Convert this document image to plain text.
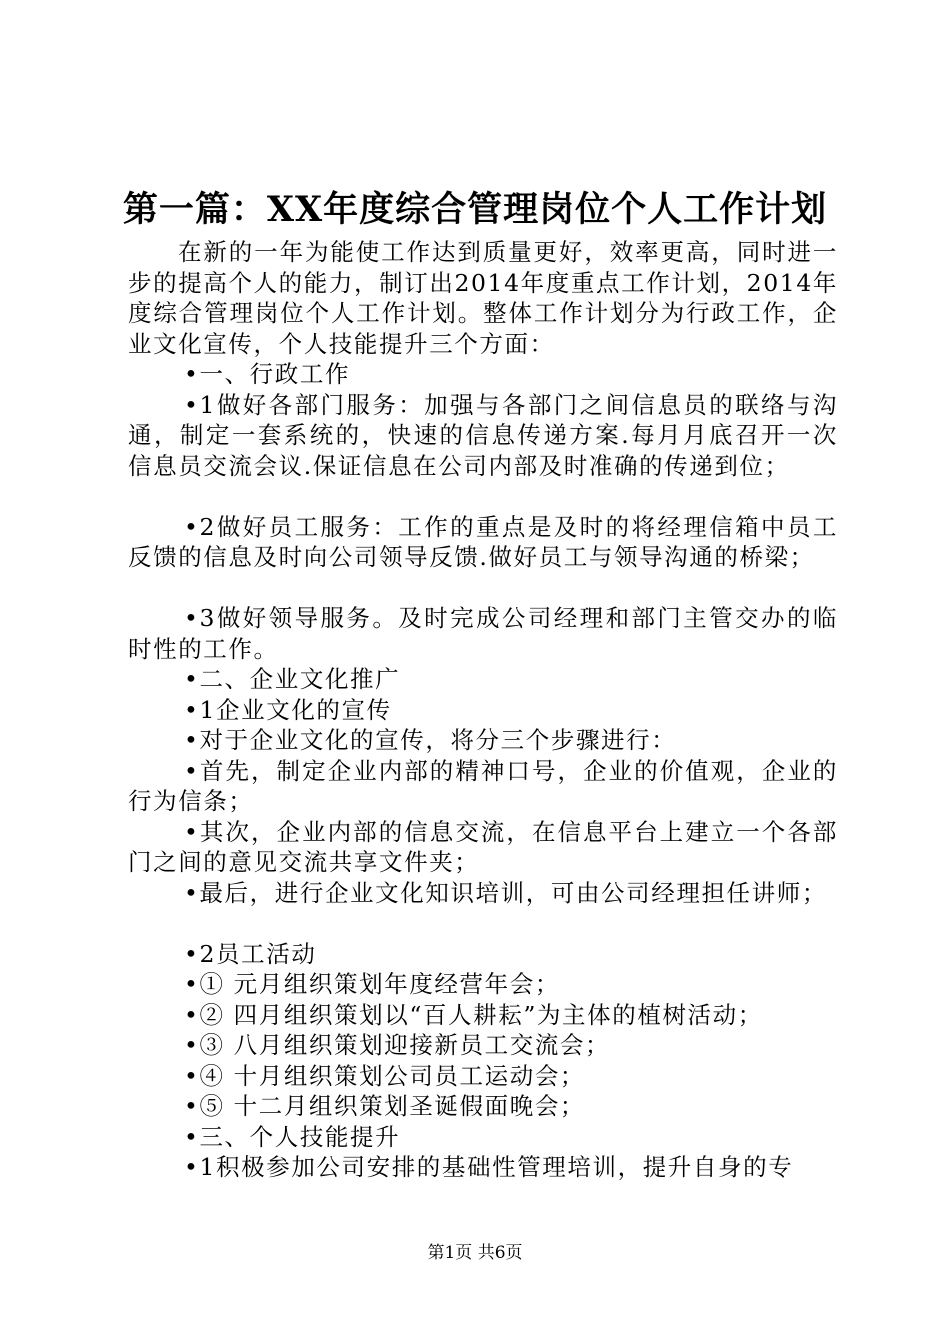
第一篇：XX年度综合管理岗位个人工作计划

在新的一年为能使工作达到质量更好，效率更高，同时进一步的提高个人的能力，制订出2014年度重点工作计划，2014年度综合管理岗位个人工作计划。整体工作计划分为行政工作，企业文化宣传，个人技能提升三个方面：

•一、行政工作

•1做好各部门服务：加强与各部门之间信息员的联络与沟通，制定一套系统的，快速的信息传递方案.每月月底召开一次信息员交流会议.保证信息在公司内部及时准确的传递到位；

•2做好员工服务：工作的重点是及时的将经理信箱中员工反馈的信息及时向公司领导反馈.做好员工与领导沟通的桥梁；

•3做好领导服务。及时完成公司经理和部门主管交办的临时性的工作。

•二、企业文化推广

•1企业文化的宣传

•对于企业文化的宣传，将分三个步骤进行：

•首先，制定企业内部的精神口号，企业的价值观，企业的行为信条；

•其次，企业内部的信息交流，在信息平台上建立一个各部门之间的意见交流共享文件夹；

•最后，进行企业文化知识培训，可由公司经理担任讲师；

•2员工活动

•① 元月组织策划年度经营年会；

•② 四月组织策划以“百人耕耘”为主体的植树活动；

•③ 八月组织策划迎接新员工交流会；

•④ 十月组织策划公司员工运动会；

•⑤ 十二月组织策划圣诞假面晚会；

•三、个人技能提升

•1积极参加公司安排的基础性管理培训，提升自身的专

第1页 共6页
